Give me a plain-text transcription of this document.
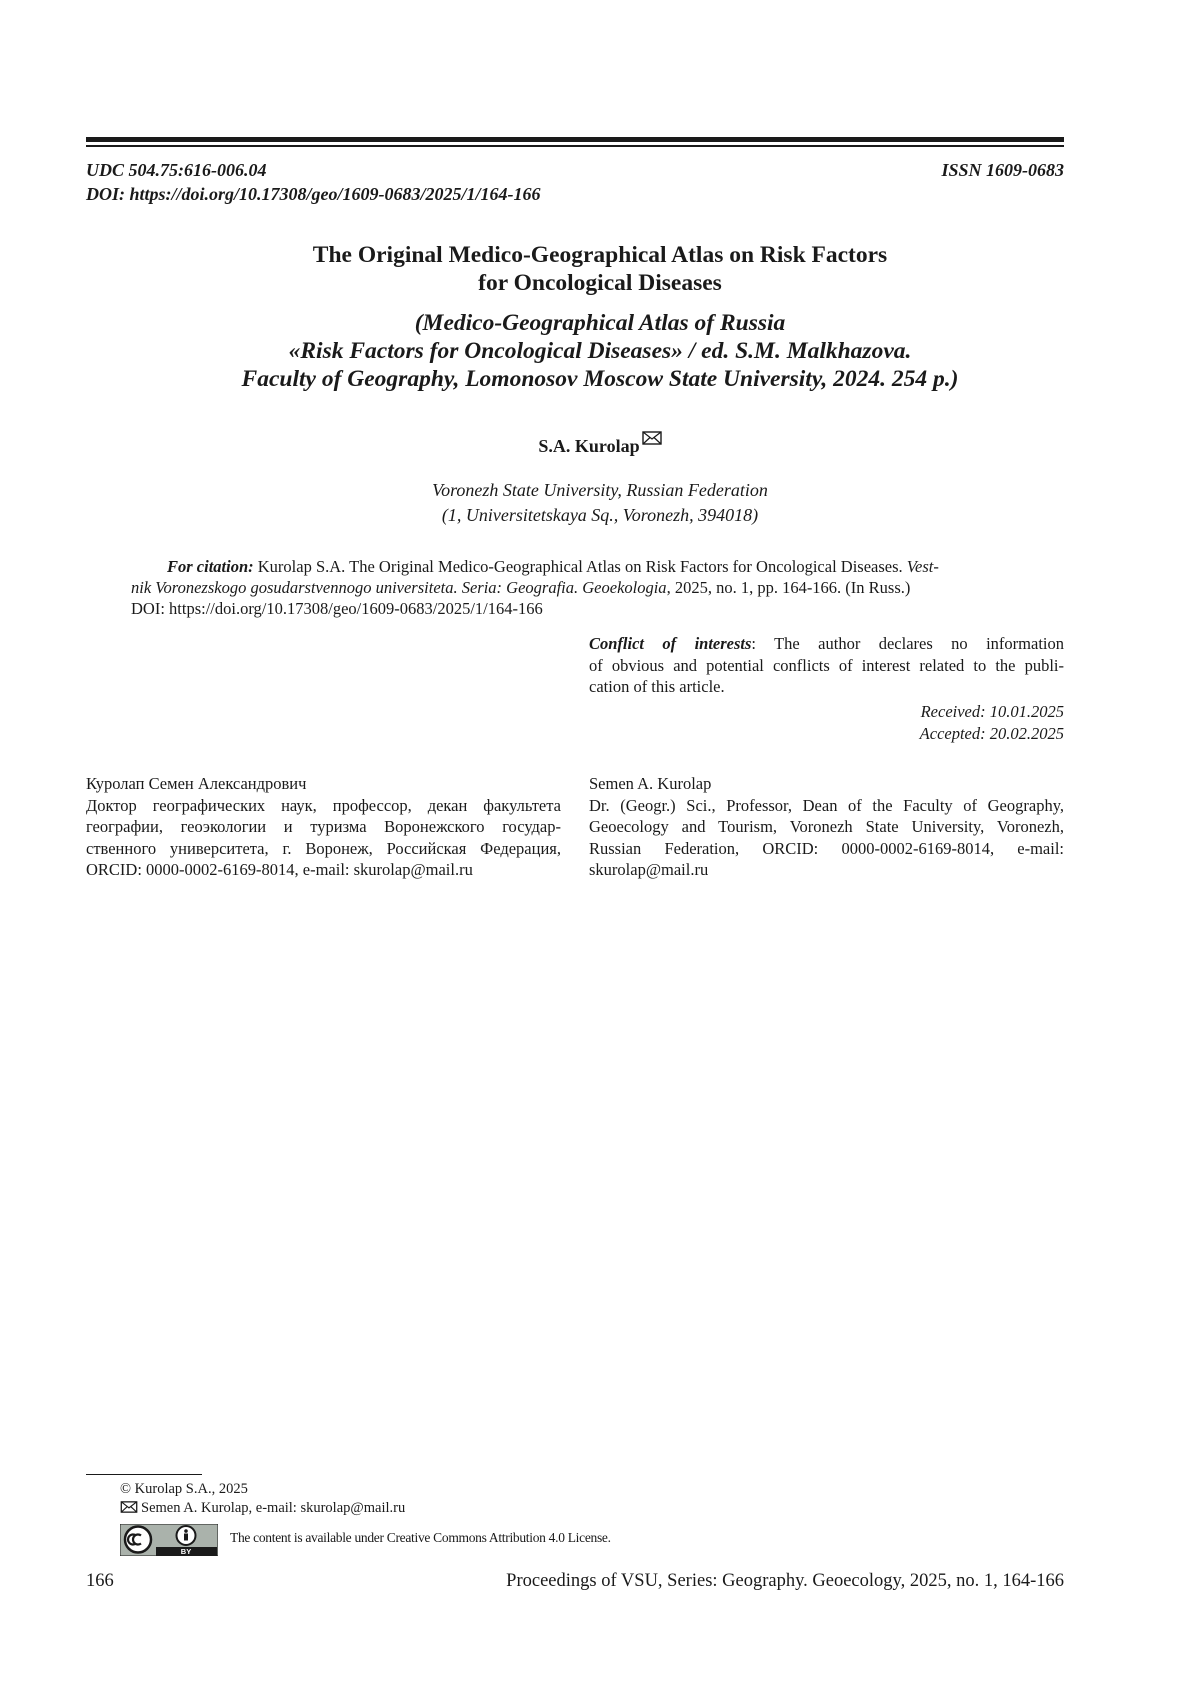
UDC 504.75:616-006.04	ISSN 1609-0683
DOI: https://doi.org/10.17308/geo/1609-0683/2025/1/164-166
The Original Medico-Geographical Atlas on Risk Factors
for Oncological Diseases
(Medico-Geographical Atlas of Russia
«Risk Factors for Oncological Diseases» / ed. S.M. Malkhazova.
Faculty of Geography, Lomonosov Moscow State University, 2024. 254 p.)
S.A. Kurolap
Voronezh State University, Russian Federation
(1, Universitetskaya Sq., Voronezh, 394018)
For citation: Kurolap S.A. The Original Medico-Geographical Atlas on Risk Factors for Oncological Diseases. Vest-
nik Voronezskogo gosudarstvennogo universiteta. Seria: Geografia. Geoekologia, 2025, no. 1, pp. 164-166. (In Russ.)
DOI: https://doi.org/10.17308/geo/1609-0683/2025/1/164-166
Conflict of interests: The author declares no information
of obvious and potential conflicts of interest related to the publi-
cation of this article.
Received: 10.01.2025
Accepted: 20.02.2025
Куролап Семен Александрович
Доктор географических наук, профессор, декан факультета
географии, геоэкологии и туризма Воронежского государ-
ственного университета, г. Воронеж, Российская Федерация,
ORCID: 0000-0002-6169-8014, e-mail: skurolap@mail.ru
Semen A. Kurolap
Dr. (Geogr.) Sci., Professor, Dean of the Faculty of Geography,
Geoecology and Tourism, Voronezh State University, Voronezh,
Russian Federation, ORCID: 0000-0002-6169-8014, e-mail:
skurolap@mail.ru
© Kurolap S.A., 2025
Semen A. Kurolap, e-mail: skurolap@mail.ru
BY
The content is available under Creative Commons Attribution 4.0 License.
166	Proceedings of VSU, Series: Geography. Geoecology, 2025, no. 1, 164-166
